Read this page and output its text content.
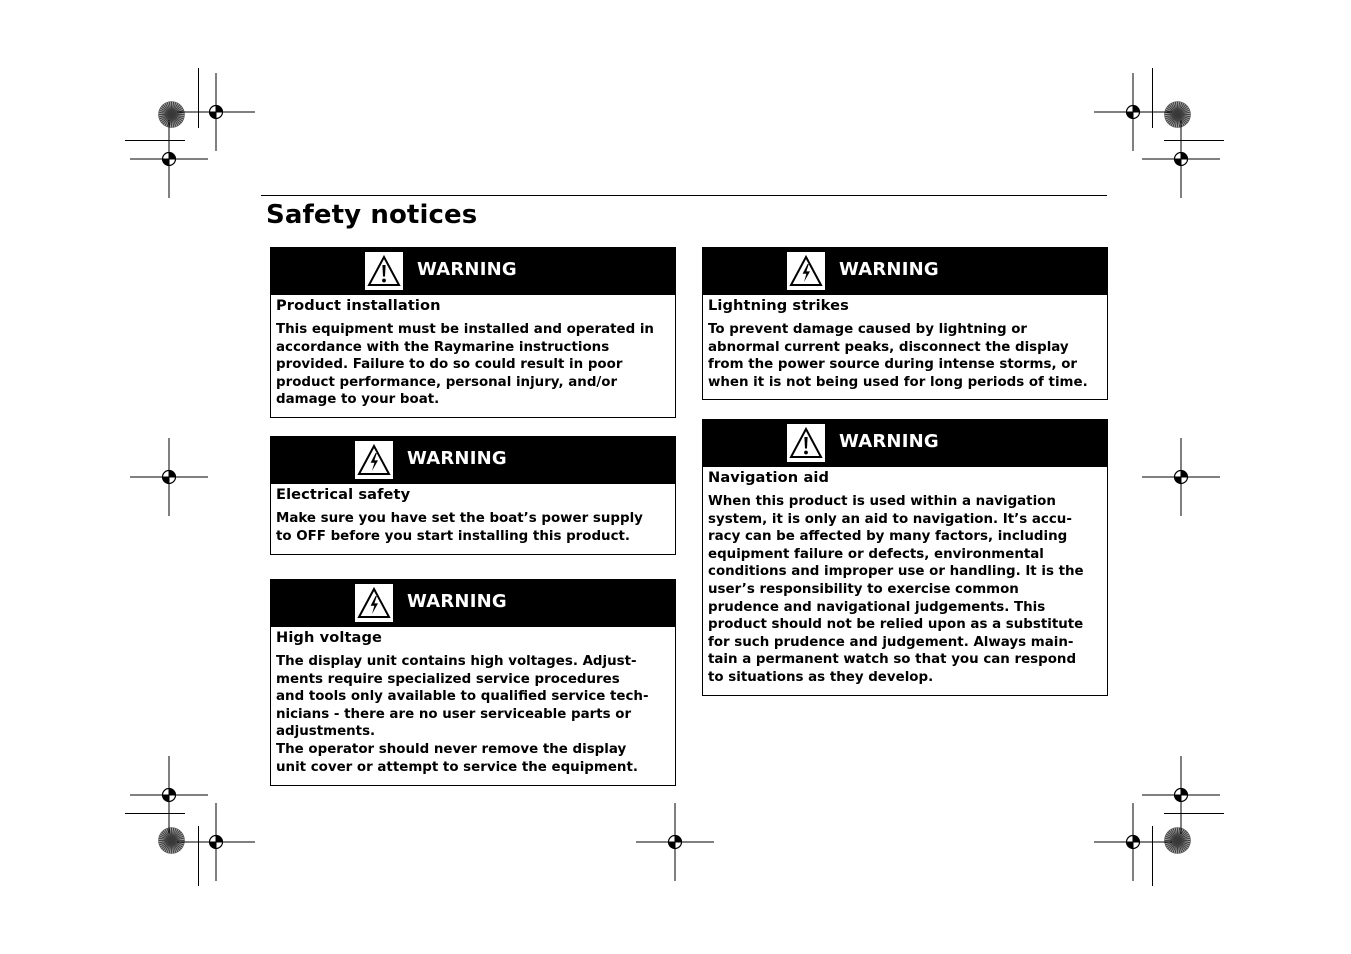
Safety notices
WARNING
Product installation

This equipment must be installed and operated in
accordance with the Raymarine instructions
provided. Failure to do so could result in poor
product performance, personal injury, and/or
damage to your boat.

WARNING
Electrical safety

Make sure you have set the boat’s power supply
to OFF before you start installing this product.

WARNING
High voltage

The display unit contains high voltages. Adjust-
ments require specialized service procedures
and tools only available to qualified service tech-
nicians - there are no user serviceable parts or
adjustments.
The operator should never remove the display
unit cover or attempt to service the equipment.

WARNING
Lightning strikes

To prevent damage caused by lightning or
abnormal current peaks, disconnect the display
from the power source during intense storms, or
when it is not being used for long periods of time.

WARNING
Navigation aid

When this product is used within a navigation
system, it is only an aid to navigation. It’s accu-
racy can be affected by many factors, including
equipment failure or defects, environmental
conditions and improper use or handling. It is the
user’s responsibility to exercise common
prudence and navigational judgements. This
product should not be relied upon as a substitute
for such prudence and judgement. Always main-
tain a permanent watch so that you can respond
to situations as they develop.
